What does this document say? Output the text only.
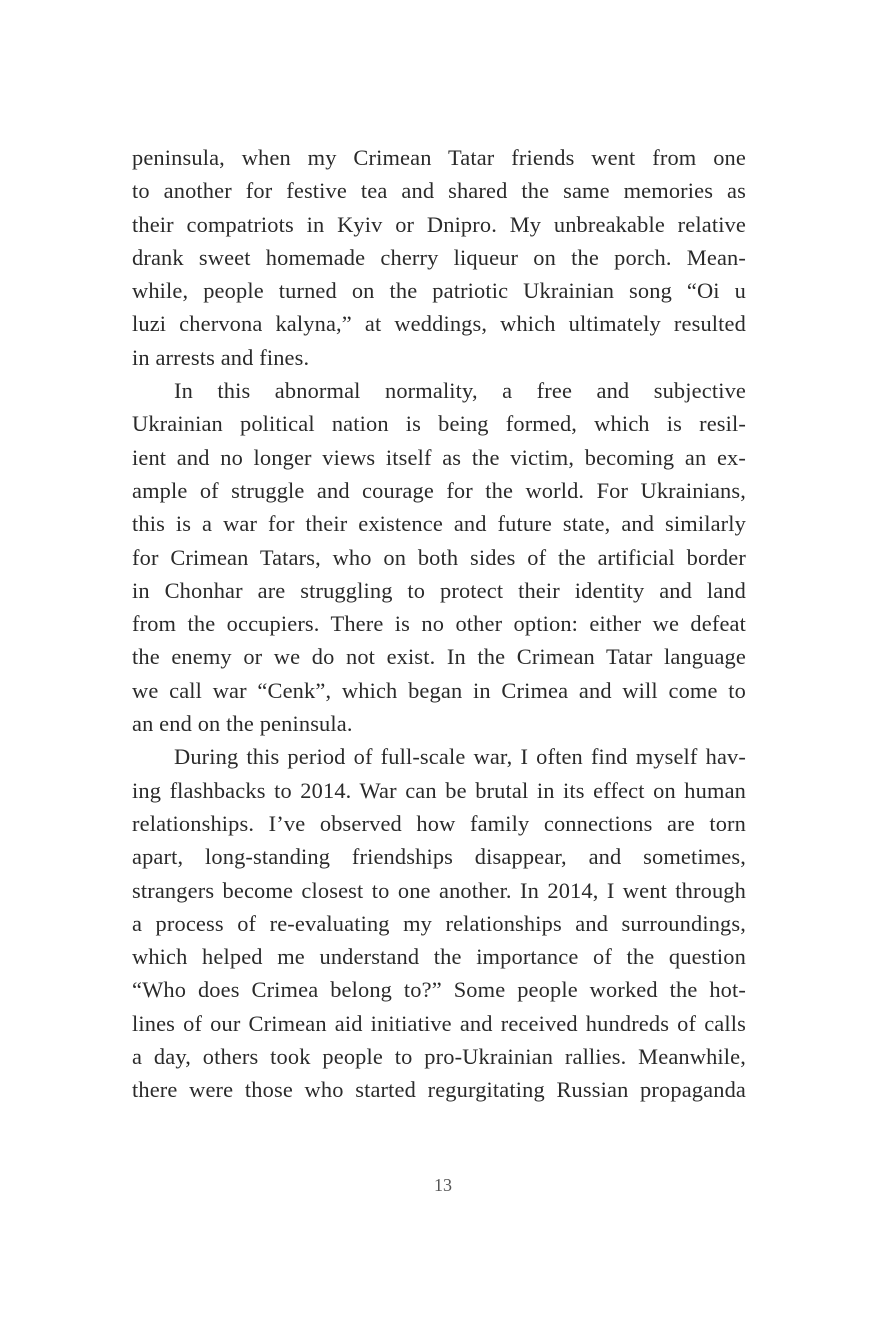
peninsula, when my Crimean Tatar friends went from one
to another for festive tea and shared the same memories as
their compatriots in Kyiv or Dnipro. My unbreakable relative
drank sweet homemade cherry liqueur on the porch. Mean-
while, people turned on the patriotic Ukrainian song “Oi u
luzi chervona kalyna,” at weddings, which ultimately resulted
in arrests and fines.
In this abnormal normality, a free and subjective
Ukrainian political nation is being formed, which is resil-
ient and no longer views itself as the victim, becoming an ex-
ample of struggle and courage for the world. For Ukrainians,
this is a war for their existence and future state, and similarly
for Crimean Tatars, who on both sides of the artificial border
in Chonhar are struggling to protect their identity and land
from the occupiers. There is no other option: either we defeat
the enemy or we do not exist. In the Crimean Tatar language
we call war “Cenk”, which began in Crimea and will come to
an end on the peninsula.
During this period of full-scale war, I often find myself hav-
ing flashbacks to 2014. War can be brutal in its effect on human
relationships. I’ve observed how family connections are torn
apart, long-standing friendships disappear, and sometimes,
strangers become closest to one another. In 2014, I went through
a process of re-evaluating my relationships and surroundings,
which helped me understand the importance of the question
“Who does Crimea belong to?” Some people worked the hot-
lines of our Crimean aid initiative and received hundreds of calls
a day, others took people to pro-Ukrainian rallies. Meanwhile,
there were those who started regurgitating Russian propaganda
13
